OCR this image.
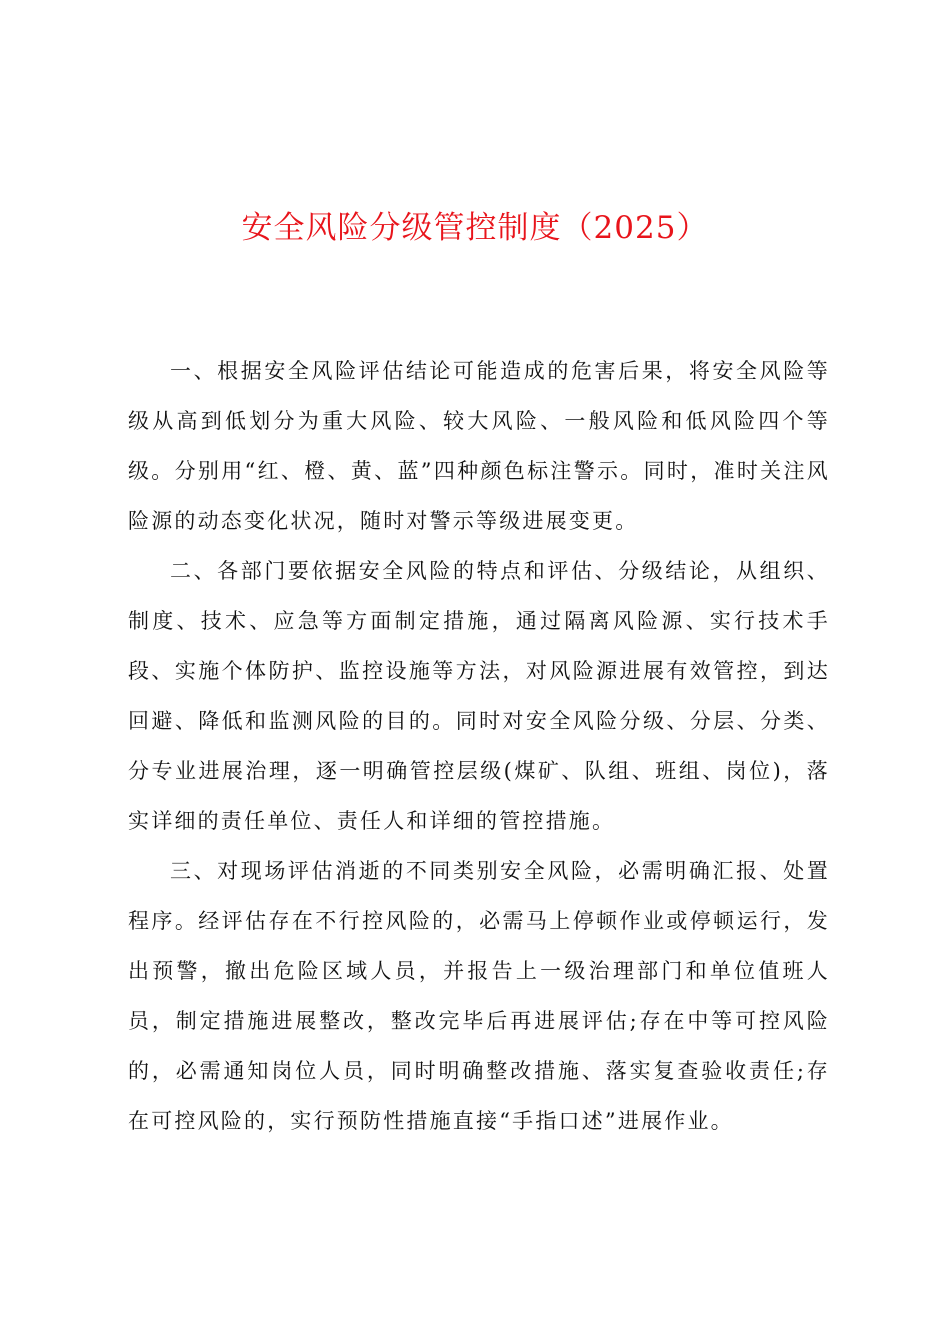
安全风险分级管控制度（2025）

一、根据安全风险评估结论可能造成的危害后果，将安全风险等级从高到低划分为重大风险、较大风险、一般风险和低风险四个等级。分别用“红、橙、黄、蓝”四种颜色标注警示。同时，准时关注风险源的动态变化状况，随时对警示等级进展变更。

二、各部门要依据安全风险的特点和评估、分级结论，从组织、制度、技术、应急等方面制定措施，通过隔离风险源、实行技术手段、实施个体防护、监控设施等方法，对风险源进展有效管控，到达回避、降低和监测风险的目的。同时对安全风险分级、分层、分类、分专业进展治理，逐一明确管控层级(煤矿、队组、班组、岗位)，落实详细的责任单位、责任人和详细的管控措施。

三、对现场评估消逝的不同类别安全风险，必需明确汇报、处置程序。经评估存在不行控风险的，必需马上停顿作业或停顿运行，发出预警，撤出危险区域人员，并报告上一级治理部门和单位值班人员，制定措施进展整改，整改完毕后再进展评估;存在中等可控风险的，必需通知岗位人员，同时明确整改措施、落实复查验收责任;存在可控风险的，实行预防性措施直接“手指口述”进展作业。
